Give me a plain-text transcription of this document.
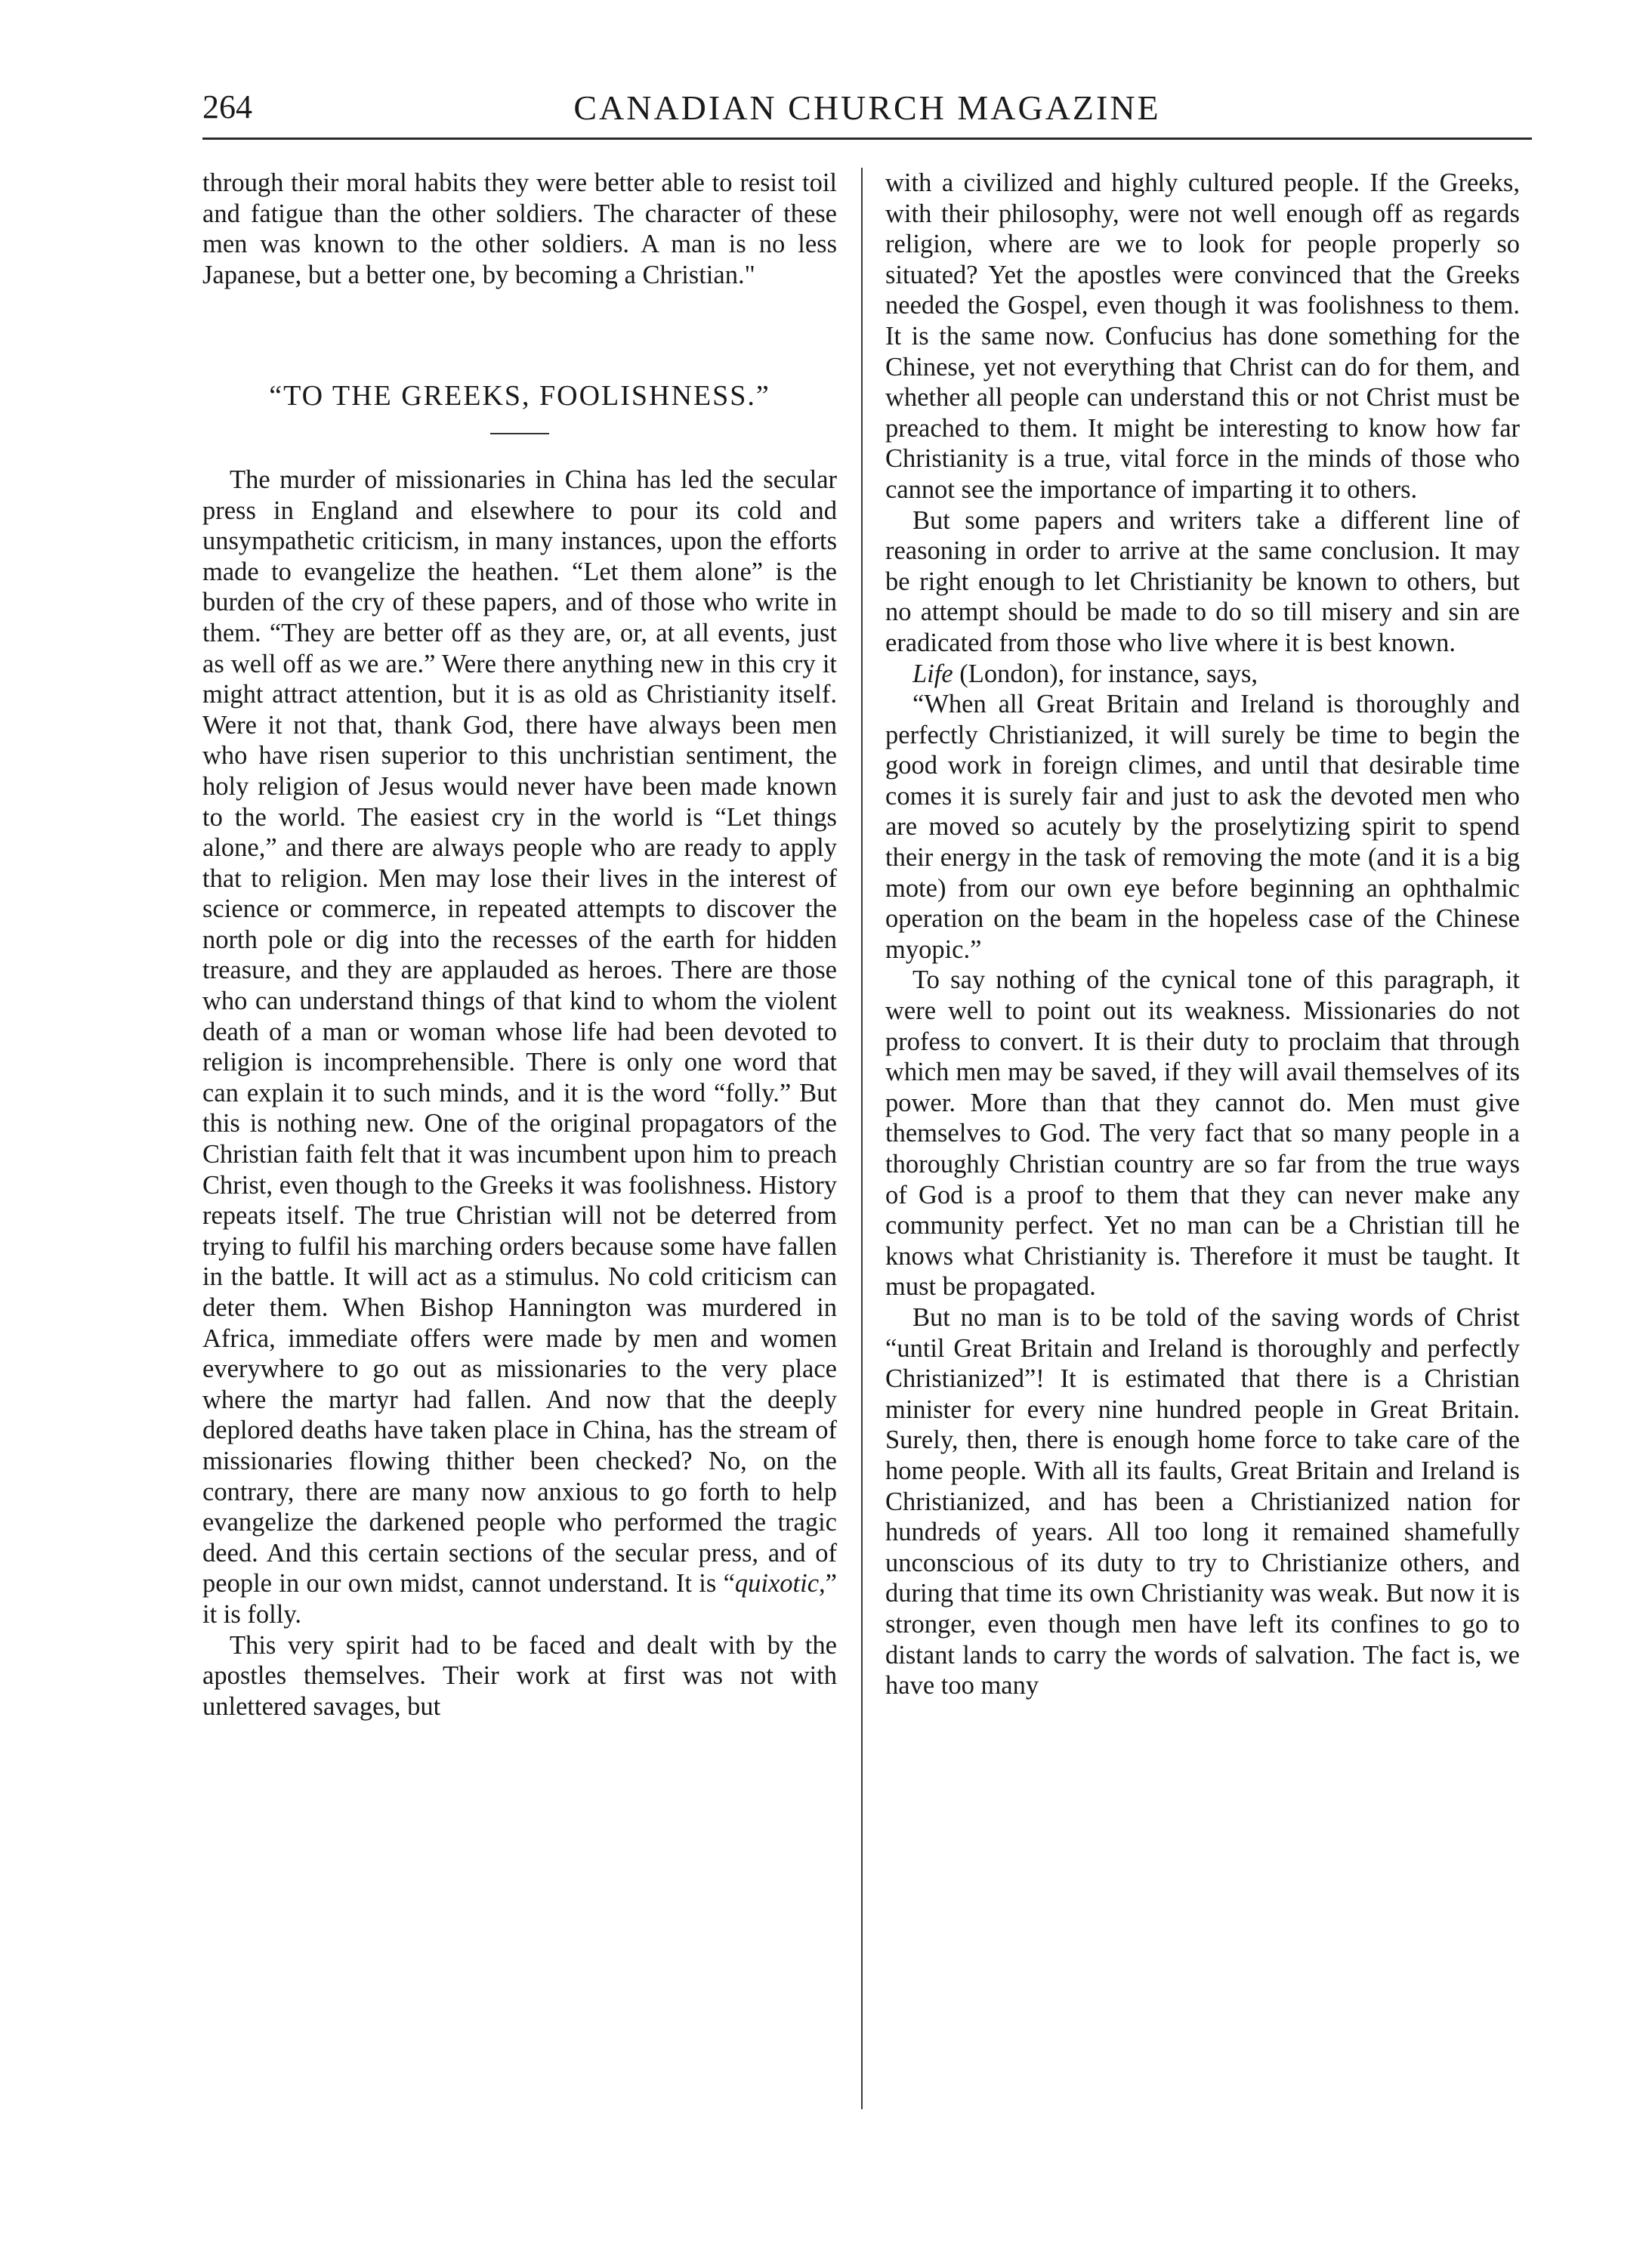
264	CANADIAN CHURCH MAGAZINE

through their moral habits they were better able to resist toil and fatigue than the other soldiers. The character of these men was known to the other soldiers. A man is no less Japanese, but a better one, by becoming a Christian."

“TO THE GREEKS, FOOLISHNESS.”

The murder of missionaries in China has led the secular press in England and elsewhere to pour its cold and unsympathetic criticism, in many instances, upon the efforts made to evangelize the heathen. “Let them alone” is the burden of the cry of these papers, and of those who write in them. “They are better off as they are, or, at all events, just as well off as we are.” Were there anything new in this cry it might attract attention, but it is as old as Christianity itself. Were it not that, thank God, there have always been men who have risen superior to this unchristian sentiment, the holy religion of Jesus would never have been made known to the world. The easiest cry in the world is “Let things alone,” and there are always people who are ready to apply that to religion. Men may lose their lives in the interest of science or commerce, in repeated attempts to discover the north pole or dig into the recesses of the earth for hidden treasure, and they are applauded as heroes. There are those who can understand things of that kind to whom the violent death of a man or woman whose life had been devoted to religion is incomprehensible. There is only one word that can explain it to such minds, and it is the word “folly.” But this is nothing new. One of the original propagators of the Christian faith felt that it was incumbent upon him to preach Christ, even though to the Greeks it was foolishness. History repeats itself. The true Christian will not be deterred from trying to fulfil his marching orders because some have fallen in the battle. It will act as a stimulus. No cold criticism can deter them. When Bishop Hannington was murdered in Africa, immediate offers were made by men and women everywhere to go out as missionaries to the very place where the martyr had fallen. And now that the deeply deplored deaths have taken place in China, has the stream of missionaries flowing thither been checked? No, on the contrary, there are many now anxious to go forth to help evangelize the darkened people who performed the tragic deed. And this certain sections of the secular press, and of people in our own midst, cannot understand. It is “quixotic,” it is folly.

This very spirit had to be faced and dealt with by the apostles themselves. Their work at first was not with unlettered savages, but

with a civilized and highly cultured people. If the Greeks, with their philosophy, were not well enough off as regards religion, where are we to look for people properly so situated? Yet the apostles were convinced that the Greeks needed the Gospel, even though it was foolishness to them. It is the same now. Confucius has done something for the Chinese, yet not everything that Christ can do for them, and whether all people can understand this or not Christ must be preached to them. It might be interesting to know how far Christianity is a true, vital force in the minds of those who cannot see the importance of imparting it to others.

But some papers and writers take a different line of reasoning in order to arrive at the same conclusion. It may be right enough to let Christianity be known to others, but no attempt should be made to do so till misery and sin are eradicated from those who live where it is best known.

Life (London), for instance, says,

“When all Great Britain and Ireland is thoroughly and perfectly Christianized, it will surely be time to begin the good work in foreign climes, and until that desirable time comes it is surely fair and just to ask the devoted men who are moved so acutely by the proselytizing spirit to spend their energy in the task of removing the mote (and it is a big mote) from our own eye before beginning an ophthalmic operation on the beam in the hopeless case of the Chinese myopic.”

To say nothing of the cynical tone of this paragraph, it were well to point out its weakness. Missionaries do not profess to convert. It is their duty to proclaim that through which men may be saved, if they will avail themselves of its power. More than that they cannot do. Men must give themselves to God. The very fact that so many people in a thoroughly Christian country are so far from the true ways of God is a proof to them that they can never make any community perfect. Yet no man can be a Christian till he knows what Christianity is. Therefore it must be taught. It must be propagated.

But no man is to be told of the saving words of Christ “until Great Britain and Ireland is thoroughly and perfectly Christianized”! It is estimated that there is a Christian minister for every nine hundred people in Great Britain. Surely, then, there is enough home force to take care of the home people. With all its faults, Great Britain and Ireland is Christianized, and has been a Christianized nation for hundreds of years. All too long it remained shamefully unconscious of its duty to try to Christianize others, and during that time its own Christianity was weak. But now it is stronger, even though men have left its confines to go to distant lands to carry the words of salvation. The fact is, we have too many
